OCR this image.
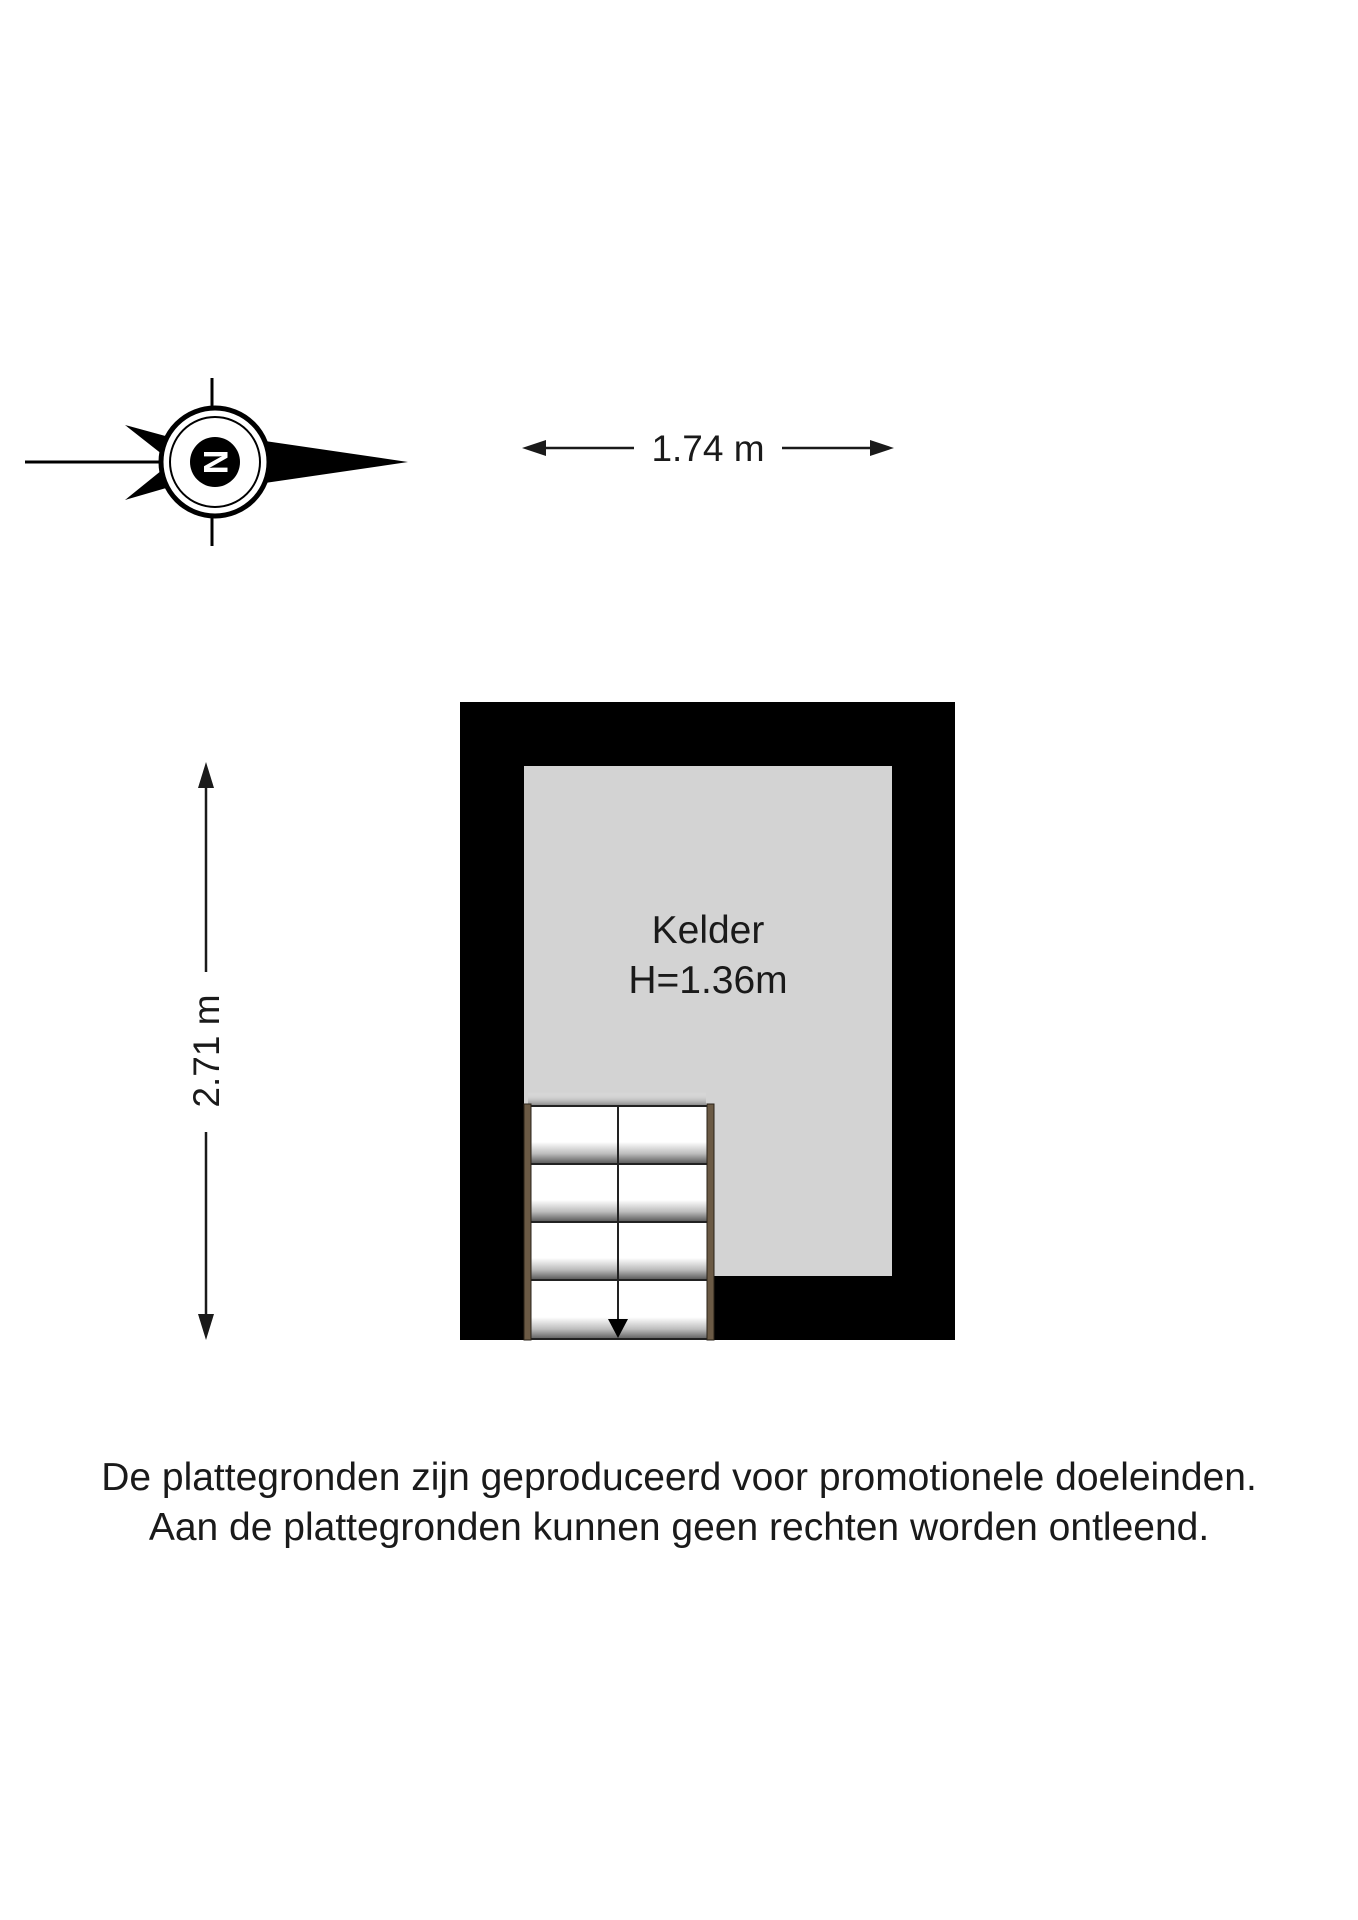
N	1.74 m
2.71 m
Kelder
H=1.36m
De plattegronden zijn geproduceerd voor promotionele doeleinden.
Aan de plattegronden kunnen geen rechten worden ontleend.
